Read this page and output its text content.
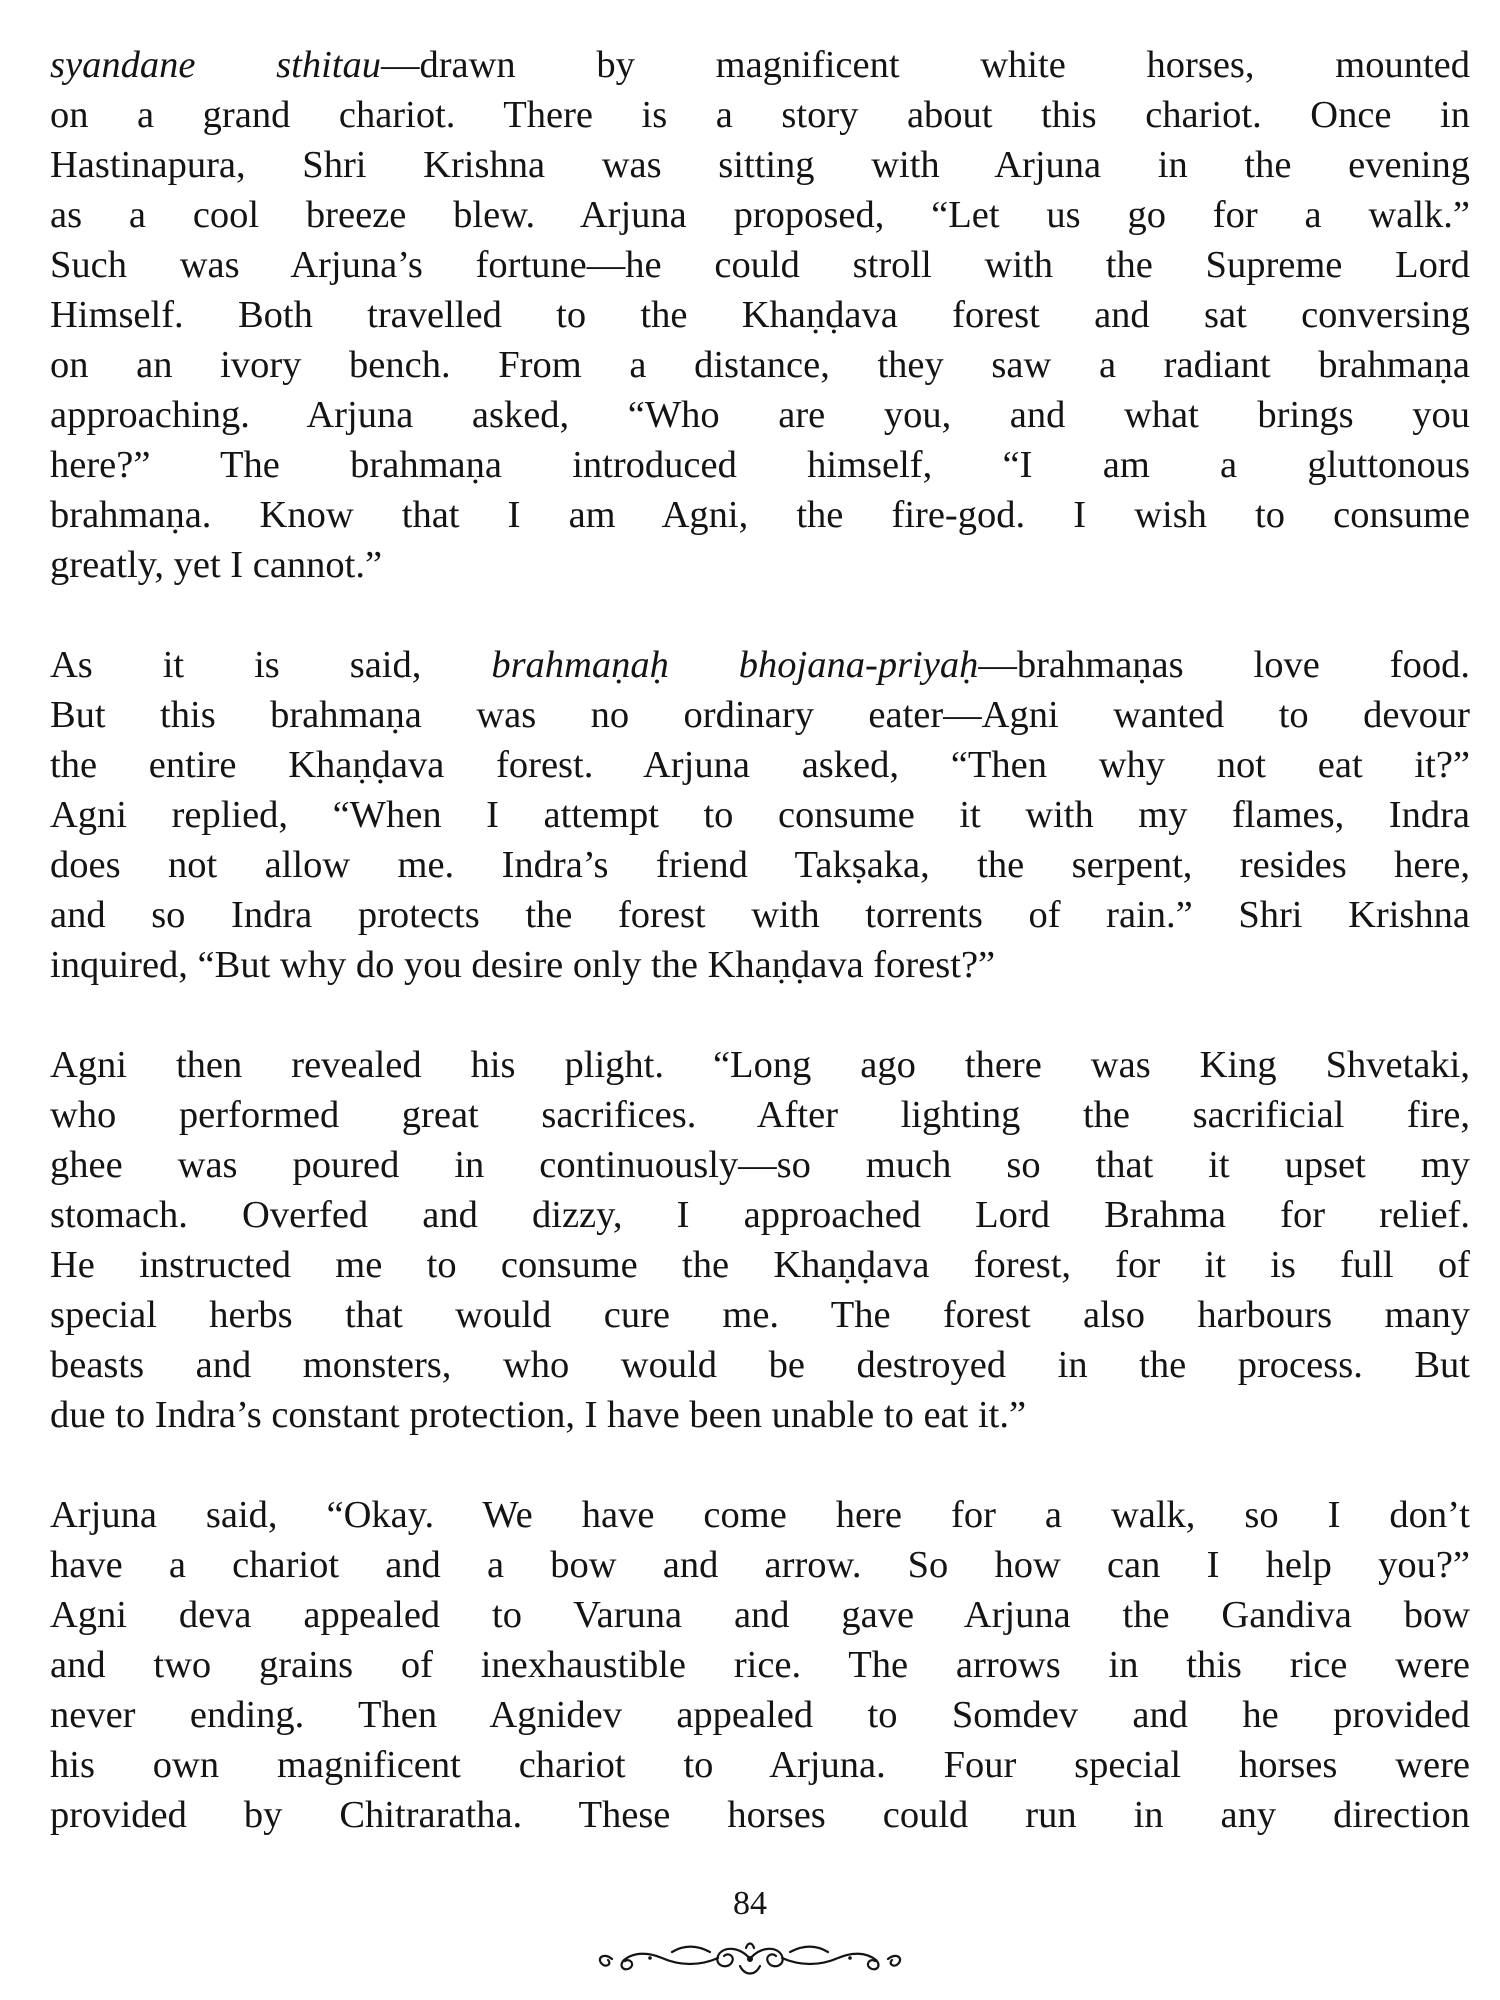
syandane sthitau—drawn by magnificent white horses, mounted
on a grand chariot. There is a story about this chariot. Once in
Hastinapura, Shri Krishna was sitting with Arjuna in the evening
as a cool breeze blew. Arjuna proposed, “Let us go for a walk.”
Such was Arjuna’s fortune—he could stroll with the Supreme Lord
Himself. Both travelled to the Khaṇḍava forest and sat conversing
on an ivory bench. From a distance, they saw a radiant brahmaṇa
approaching. Arjuna asked, “Who are you, and what brings you
here?” The brahmaṇa introduced himself, “I am a gluttonous
brahmaṇa. Know that I am Agni, the fire-god. I wish to consume
greatly, yet I cannot.”

As it is said, brahmaṇaḥ bhojana-priyaḥ—brahmaṇas love food.
But this brahmaṇa was no ordinary eater—Agni wanted to devour
the entire Khaṇḍava forest. Arjuna asked, “Then why not eat it?”
Agni replied, “When I attempt to consume it with my flames, Indra
does not allow me. Indra’s friend Takṣaka, the serpent, resides here,
and so Indra protects the forest with torrents of rain.” Shri Krishna
inquired, “But why do you desire only the Khaṇḍava forest?”

Agni then revealed his plight. “Long ago there was King Shvetaki,
who performed great sacrifices. After lighting the sacrificial fire,
ghee was poured in continuously—so much so that it upset my
stomach. Overfed and dizzy, I approached Lord Brahma for relief.
He instructed me to consume the Khaṇḍava forest, for it is full of
special herbs that would cure me. The forest also harbours many
beasts and monsters, who would be destroyed in the process. But
due to Indra’s constant protection, I have been unable to eat it.”

Arjuna said, “Okay. We have come here for a walk, so I don’t
have a chariot and a bow and arrow. So how can I help you?”
Agni deva appealed to Varuna and gave Arjuna the Gandiva bow
and two grains of inexhaustible rice. The arrows in this rice were
never ending. Then Agnidev appealed to Somdev and he provided
his own magnificent chariot to Arjuna. Four special horses were
provided by Chitraratha. These horses could run in any direction

84
